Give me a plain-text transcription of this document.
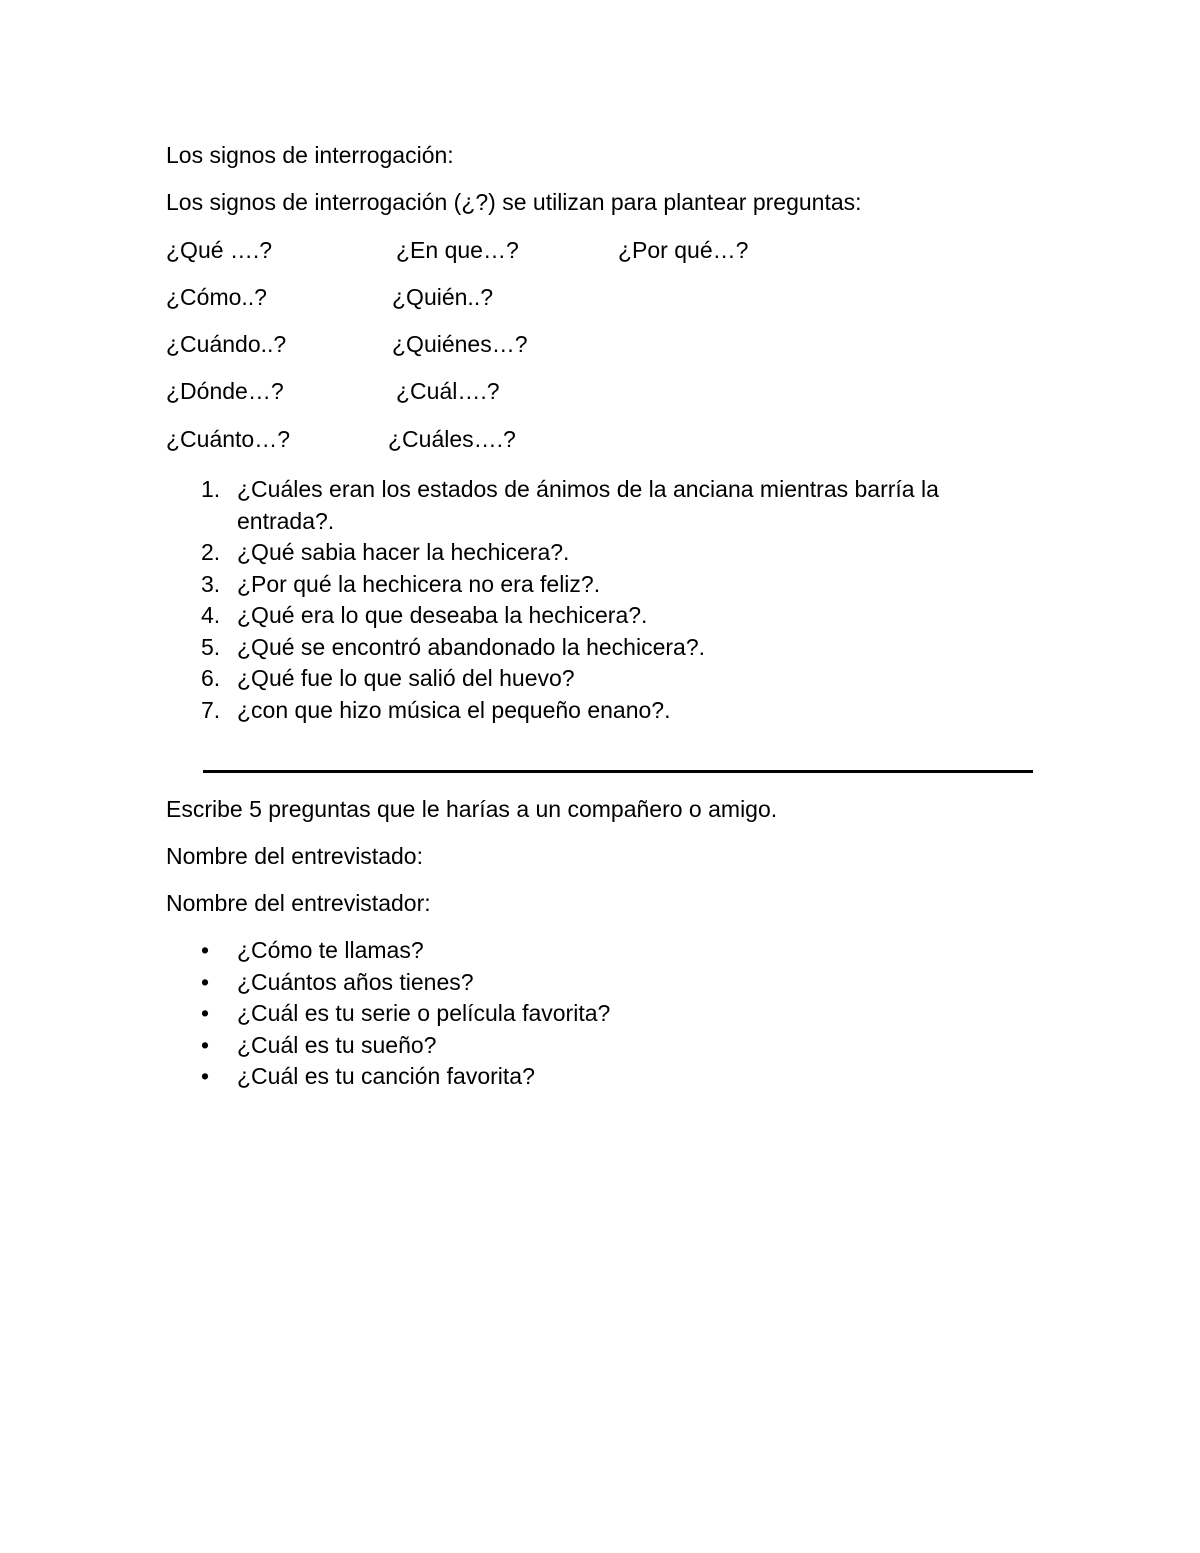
Los signos de interrogación:
Los signos de interrogación (¿?) se utilizan para plantear preguntas:
¿Qué ….?	¿En que…?	¿Por qué…?
¿Cómo..?	¿Quién..?
¿Cuándo..?	¿Quiénes…?
¿Dónde…?	¿Cuál….?
¿Cuánto…?	¿Cuáles….?
1. ¿Cuáles eran los estados de ánimos de la anciana mientras barría la entrada?.
2. ¿Qué sabia hacer la hechicera?.
3. ¿Por qué la hechicera no era feliz?.
4. ¿Qué era lo que deseaba la hechicera?.
5. ¿Qué se encontró abandonado la hechicera?.
6. ¿Qué fue lo que salió del huevo?
7. ¿con que hizo música el pequeño enano?.
Escribe 5 preguntas que le harías a un compañero o amigo.
Nombre del entrevistado:
Nombre del entrevistador:
• ¿Cómo te llamas?
• ¿Cuántos años tienes?
• ¿Cuál es tu serie o película favorita?
• ¿Cuál es tu sueño?
• ¿Cuál es tu canción favorita?
